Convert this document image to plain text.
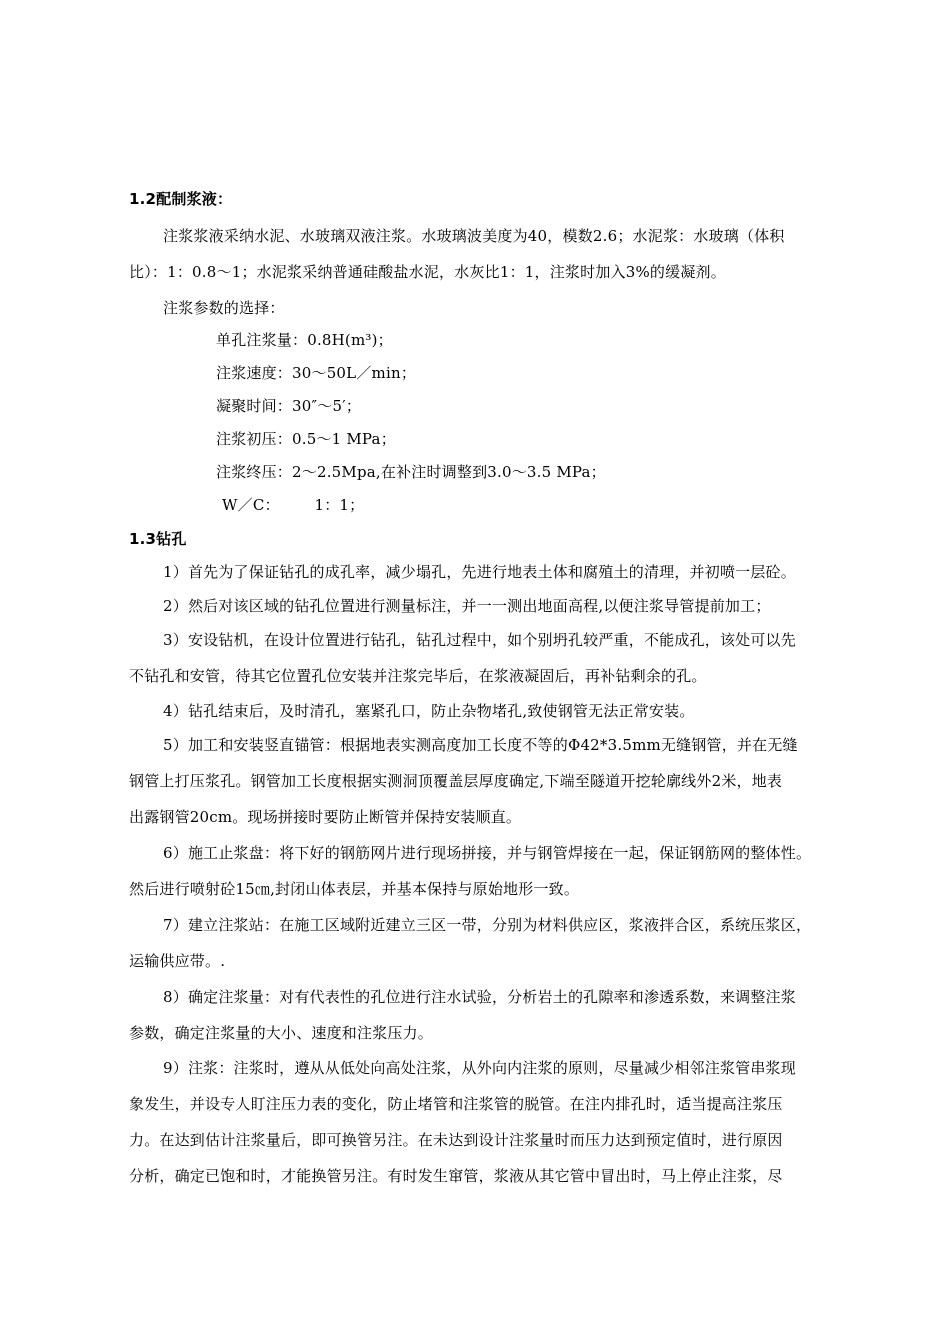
1.2配制浆液：
注浆浆液采纳水泥、水玻璃双液注浆。水玻璃波美度为40，模数2.6；水泥浆：水玻璃（体积
比）：1：0.8～1；水泥浆采纳普通硅酸盐水泥，水灰比1：1，注浆时加入3%的缓凝剂。
注浆参数的选择：
单孔注浆量：0.8H(m³)；
注浆速度：30～50L／min；
凝聚时间：30″～5′；
注浆初压：0.5～1 MPa；
注浆终压：2～2.5Mpa,在补注时调整到3.0～3.5 MPa；
W／C：       1：1；
1.3钻孔
1）首先为了保证钻孔的成孔率，减少塌孔，先进行地表土体和腐殖土的清理，并初喷一层砼。
2）然后对该区域的钻孔位置进行测量标注，并一一测出地面高程,以便注浆导管提前加工；
3）安设钻机，在设计位置进行钻孔，钻孔过程中，如个别坍孔较严重，不能成孔，该处可以先
不钻孔和安管，待其它位置孔位安装并注浆完毕后，在浆液凝固后，再补钻剩余的孔。
4）钻孔结束后，及时清孔，塞紧孔口，防止杂物堵孔,致使钢管无法正常安装。
5）加工和安装竖直锚管：根据地表实测高度加工长度不等的Φ42*3.5mm无缝钢管，并在无缝
钢管上打压浆孔。钢管加工长度根据实测洞顶覆盖层厚度确定,下端至隧道开挖轮廓线外2米，地表
出露钢管20cm。现场拼接时要防止断管并保持安装顺直。
6）施工止浆盘：将下好的钢筋网片进行现场拼接，并与钢管焊接在一起，保证钢筋网的整体性。
然后进行喷射砼15㎝,封闭山体表层，并基本保持与原始地形一致。
7）建立注浆站：在施工区域附近建立三区一带，分别为材料供应区，浆液拌合区，系统压浆区，
运输供应带。.
8）确定注浆量：对有代表性的孔位进行注水试验，分析岩土的孔隙率和渗透系数，来调整注浆
参数，确定注浆量的大小、速度和注浆压力。
9）注浆：注浆时，遵从从低处向高处注浆，从外向内注浆的原则，尽量减少相邻注浆管串浆现
象发生，并设专人盯注压力表的变化，防止堵管和注浆管的脱管。在注内排孔时，适当提高注浆压
力。在达到估计注浆量后，即可换管另注。在未达到设计注浆量时而压力达到预定值时，进行原因
分析，确定已饱和时，才能换管另注。有时发生窜管，浆液从其它管中冒出时，马上停止注浆，尽
